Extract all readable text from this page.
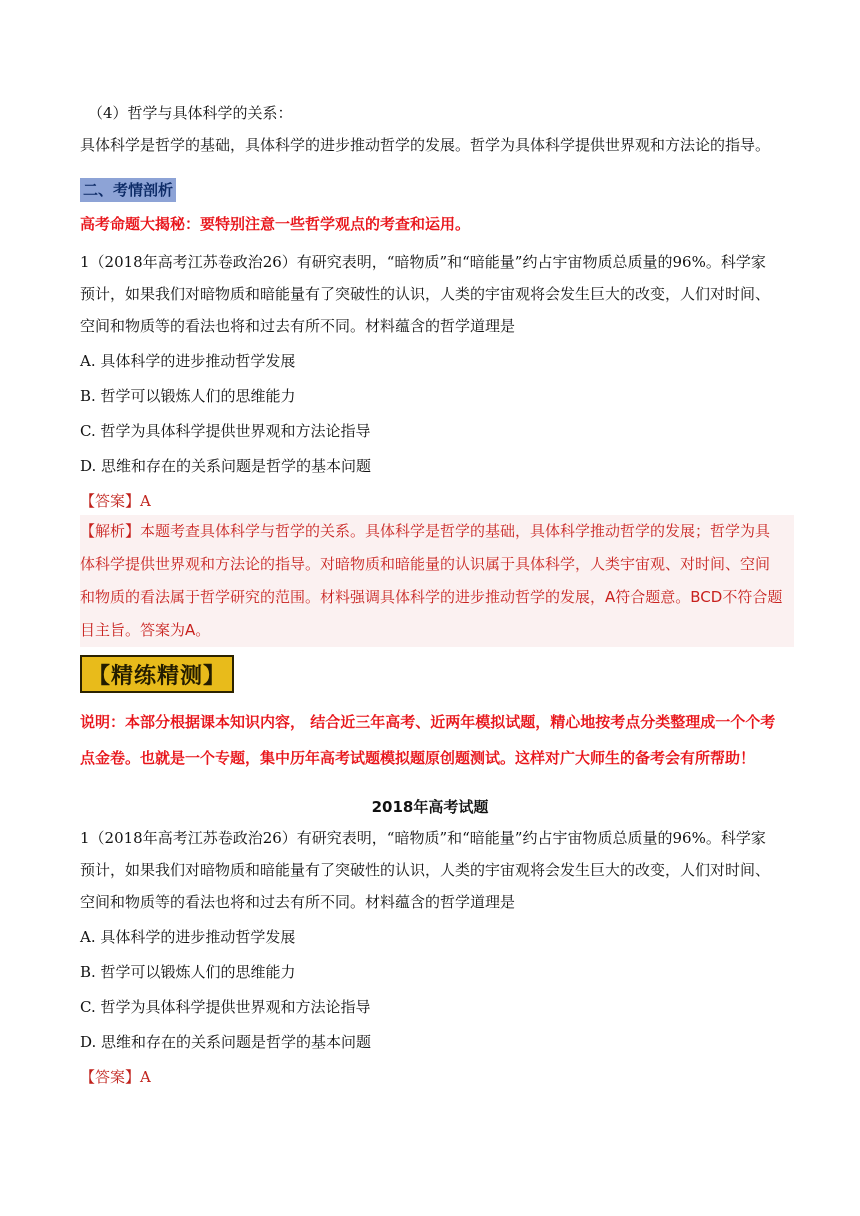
（4）哲学与具体科学的关系：
具体科学是哲学的基础，具体科学的进步推动哲学的发展。哲学为具体科学提供世界观和方法论的指导。
二、考情剖析
高考命题大揭秘：要特别注意一些哲学观点的考查和运用。
1（2018年高考江苏卷政治26）有研究表明，“暗物质”和“暗能量”约占宇宙物质总质量的96%。科学家
预计，如果我们对暗物质和暗能量有了突破性的认识，人类的宇宙观将会发生巨大的改变，人们对时间、
空间和物质等的看法也将和过去有所不同。材料蕴含的哲学道理是
A. 具体科学的进步推动哲学发展
B. 哲学可以锻炼人们的思维能力
C. 哲学为具体科学提供世界观和方法论指导
D. 思维和存在的关系问题是哲学的基本问题
【答案】A
【解析】本题考查具体科学与哲学的关系。具体科学是哲学的基础，具体科学推动哲学的发展；哲学为具
体科学提供世界观和方法论的指导。对暗物质和暗能量的认识属于具体科学，人类宇宙观、对时间、空间
和物质的看法属于哲学研究的范围。材料强调具体科学的进步推动哲学的发展，A符合题意。BCD不符合题
目主旨。答案为A。
【精练精测】
说明：本部分根据课本知识内容， 结合近三年高考、近两年模拟试题，精心地按考点分类整理成一个个考
点金卷。也就是一个专题，集中历年高考试题模拟题原创题测试。这样对广大师生的备考会有所帮助！
2018年高考试题
1（2018年高考江苏卷政治26）有研究表明，“暗物质”和“暗能量”约占宇宙物质总质量的96%。科学家
预计，如果我们对暗物质和暗能量有了突破性的认识，人类的宇宙观将会发生巨大的改变，人们对时间、
空间和物质等的看法也将和过去有所不同。材料蕴含的哲学道理是
A. 具体科学的进步推动哲学发展
B. 哲学可以锻炼人们的思维能力
C. 哲学为具体科学提供世界观和方法论指导
D. 思维和存在的关系问题是哲学的基本问题
【答案】A
